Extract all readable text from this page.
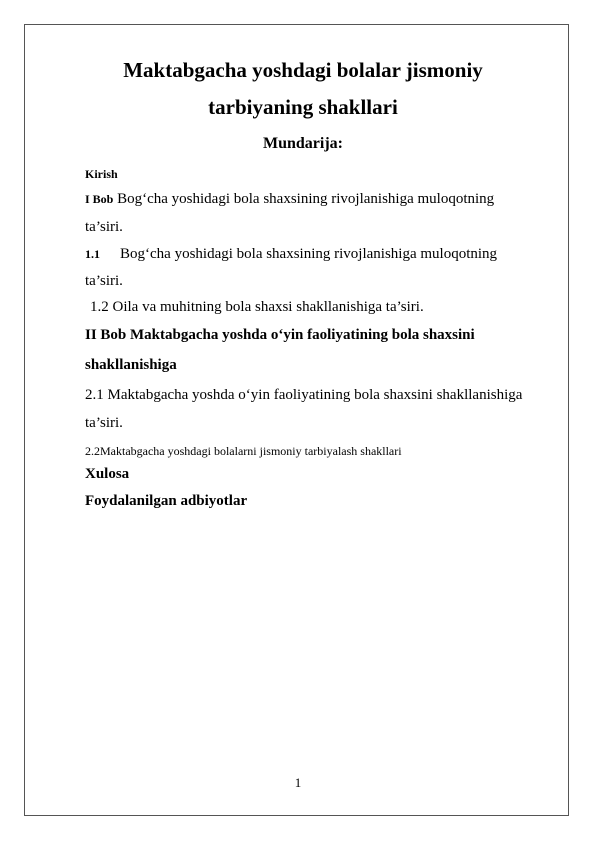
Maktabgacha yoshdagi bolalar jismoniy
tarbiyaning shakllari
Mundarija:
Kirish
I Bob Bog‘cha yoshidagi bola shaxsining rivojlanishiga muloqotning
ta’siri.
1.1 Bog‘cha yoshidagi bola shaxsining rivojlanishiga muloqotning
ta’siri.
1.2 Oila va muhitning bola shaxsi shakllanishiga ta’siri.
II Bob Maktabgacha yoshda o‘yin faoliyatining bola shaxsini
shakllanishiga
2.1 Maktabgacha yoshda o‘yin faoliyatining bola shaxsini shakllanishiga
ta’siri.
2.2Maktabgacha yoshdagi bolalarni jismoniy tarbiyalash shakllari
Xulosa
Foydalanilgan adbiyotlar
1
